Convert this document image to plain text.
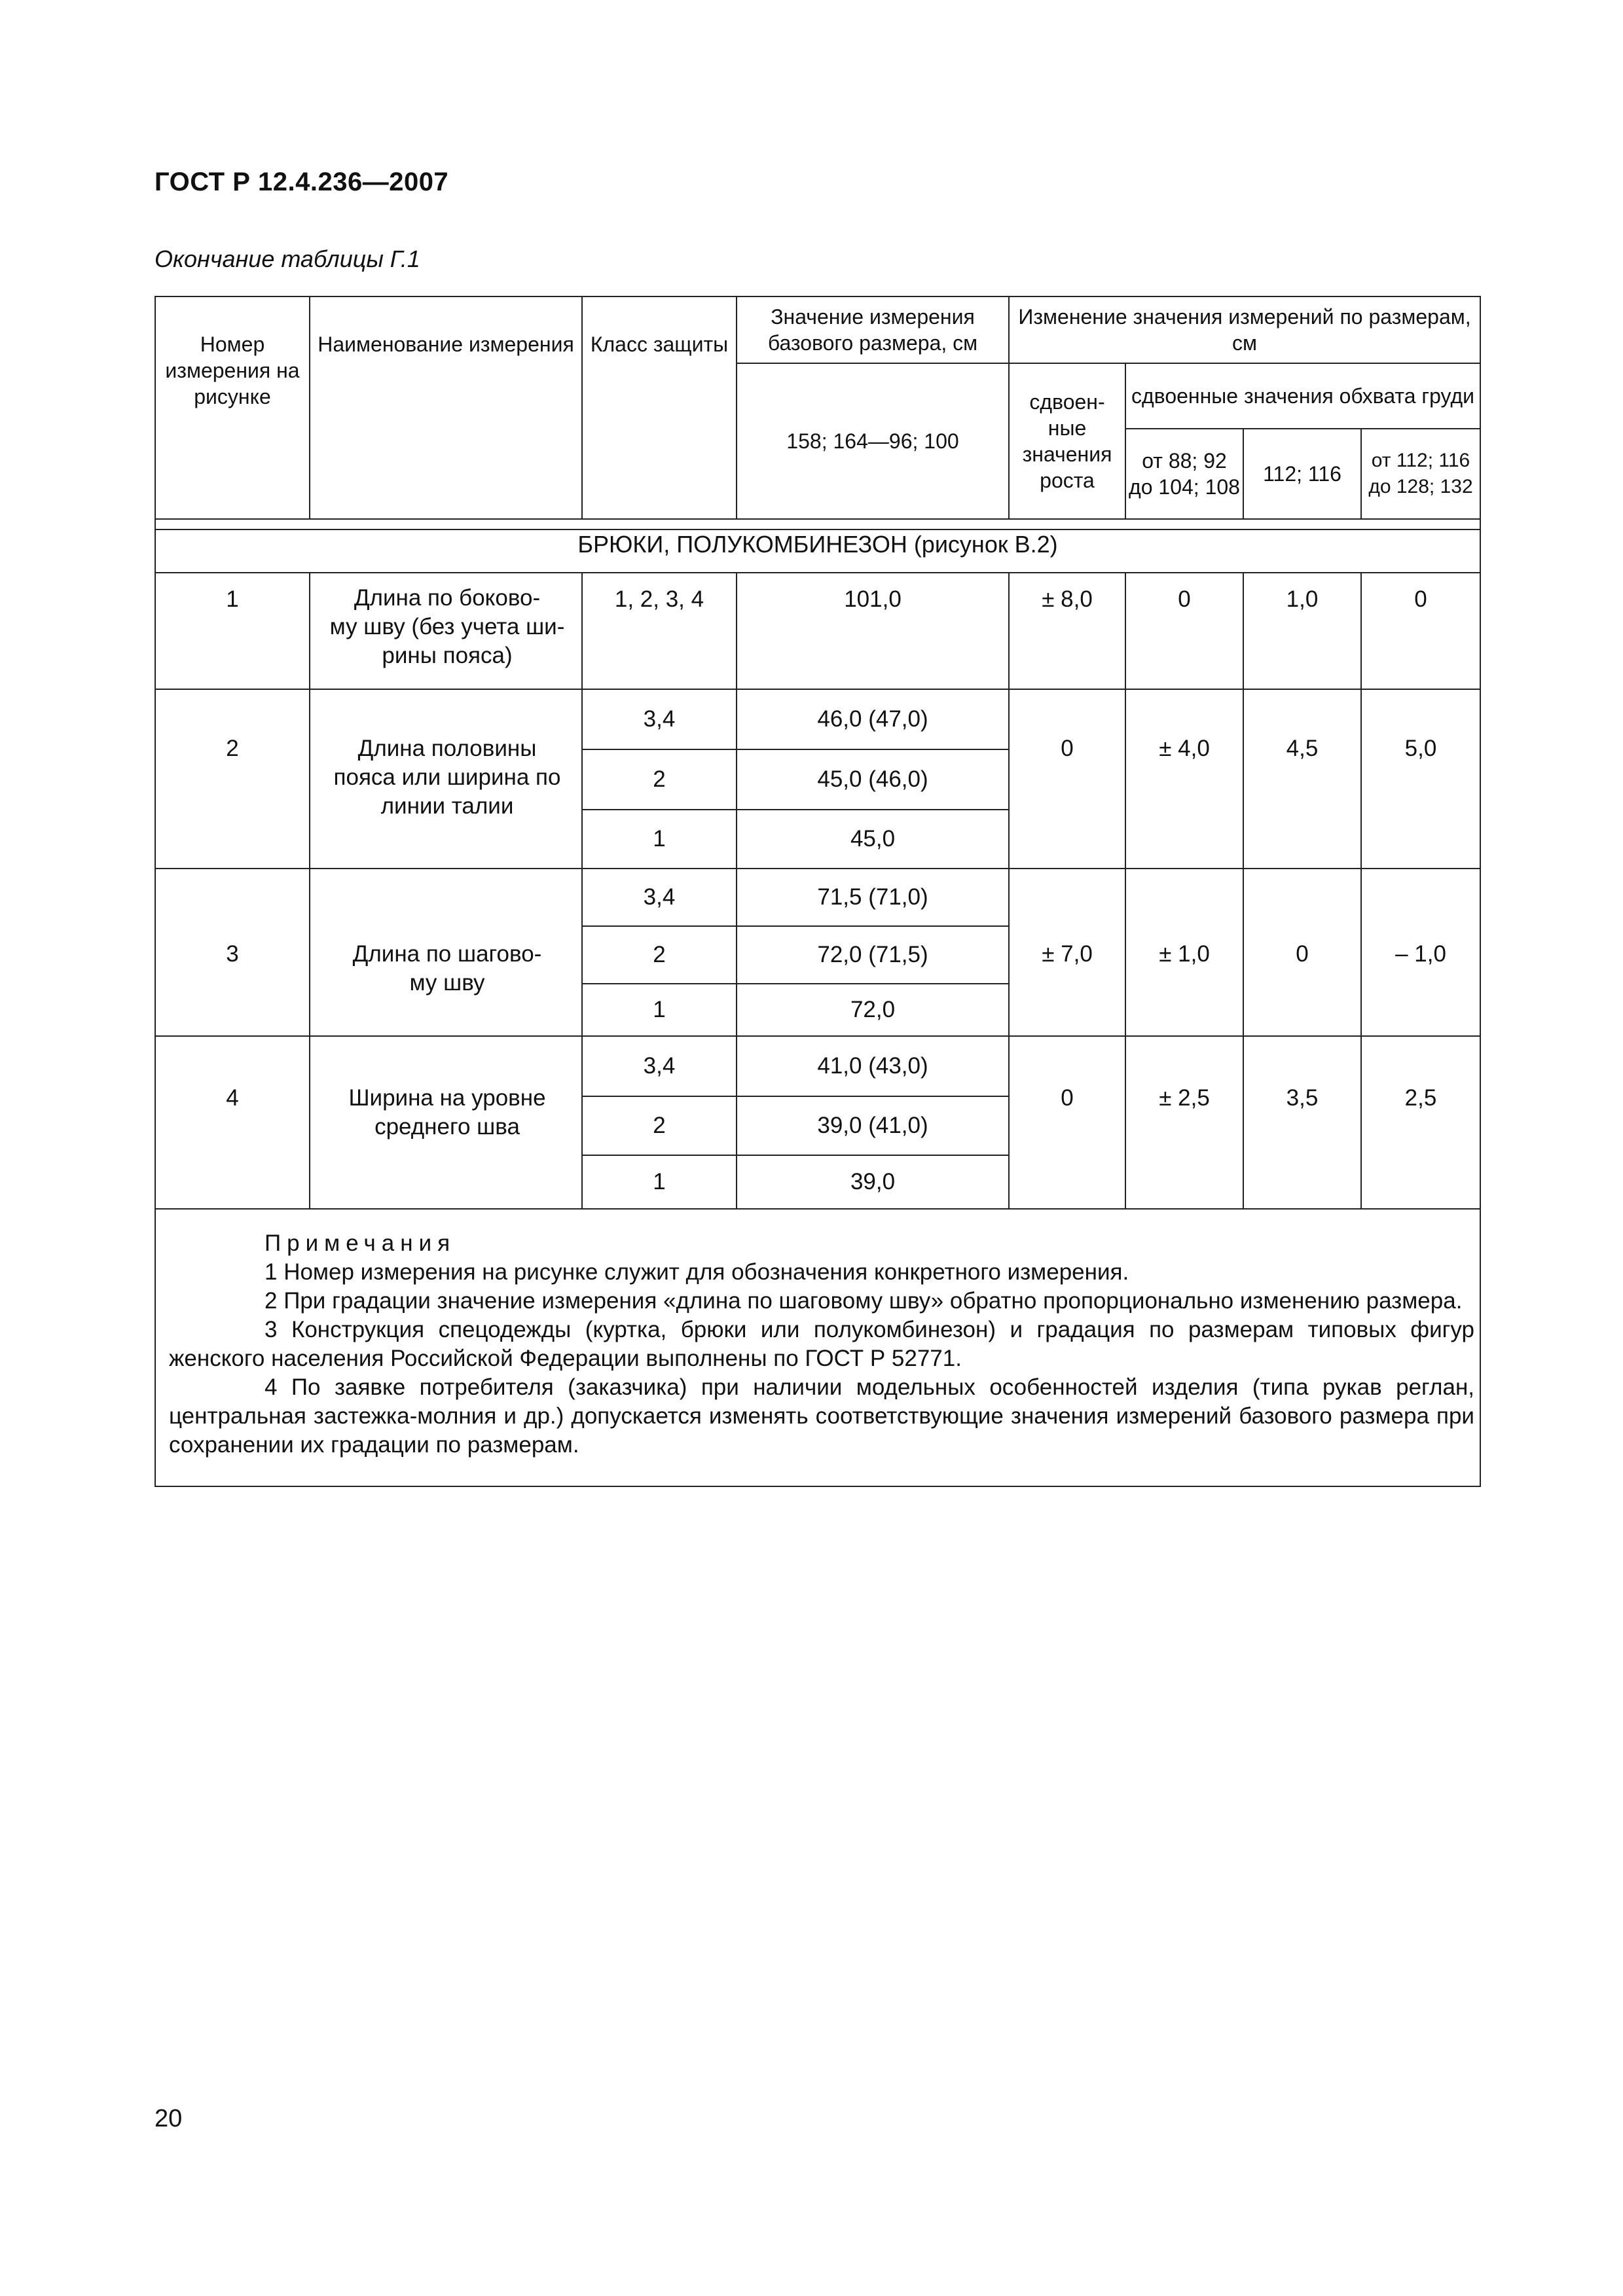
ГОСТ Р 12.4.236—2007
Окончание таблицы Г.1
Номер измерения на рисунке	Наименование измерения	Класс защиты	Значение измерения базового размера, см	Изменение значения измерений по размерам, см			
			158; 164—96; 100	сдвоен-ные значения роста	сдвоенные значения обхвата груди		
					от 88; 92 до 104; 108	112; 116	от 112; 116 до 128; 132

БРЮКИ, ПОЛУКОМБИНЕЗОН (рисунок В.2)							
1	Длина по боково-
му шву (без учета ши-
рины пояса)	1, 2, 3, 4	101,0	± 8,0	0	1,0	0
2	Длина половины
пояса или ширина по
линии талии	3,4	46,0 (47,0)	0	± 4,0	4,5	5,0
		2	45,0 (46,0)				
		1	45,0				
3	Длина по шагово-
му шву	3,4	71,5 (71,0)	± 7,0	± 1,0	0	– 1,0
		2	72,0 (71,5)				
		1	72,0				
4	Ширина на уровне
среднего шва	3,4	41,0 (43,0)	0	± 2,5	3,5	2,5
		2	39,0 (41,0)				
		1	39,0				

Примечания
1 Номер измерения на рисунке служит для обозначения конкретного измерения.
2 При градации значение измерения «длина по шаговому шву» обратно пропорционально изменению размера.
3 Конструкция спецодежды (куртка, брюки или полукомбинезон) и градация по размерам типовых фигур женского населения Российской Федерации выполнены по ГОСТ Р 52771.
4 По заявке потребителя (заказчика) при наличии модельных особенностей изделия (типа рукав реглан, центральная застежка-молния и др.) допускается изменять соответствующие значения измерений базового размера при сохранении их градации по размерам.							
20
